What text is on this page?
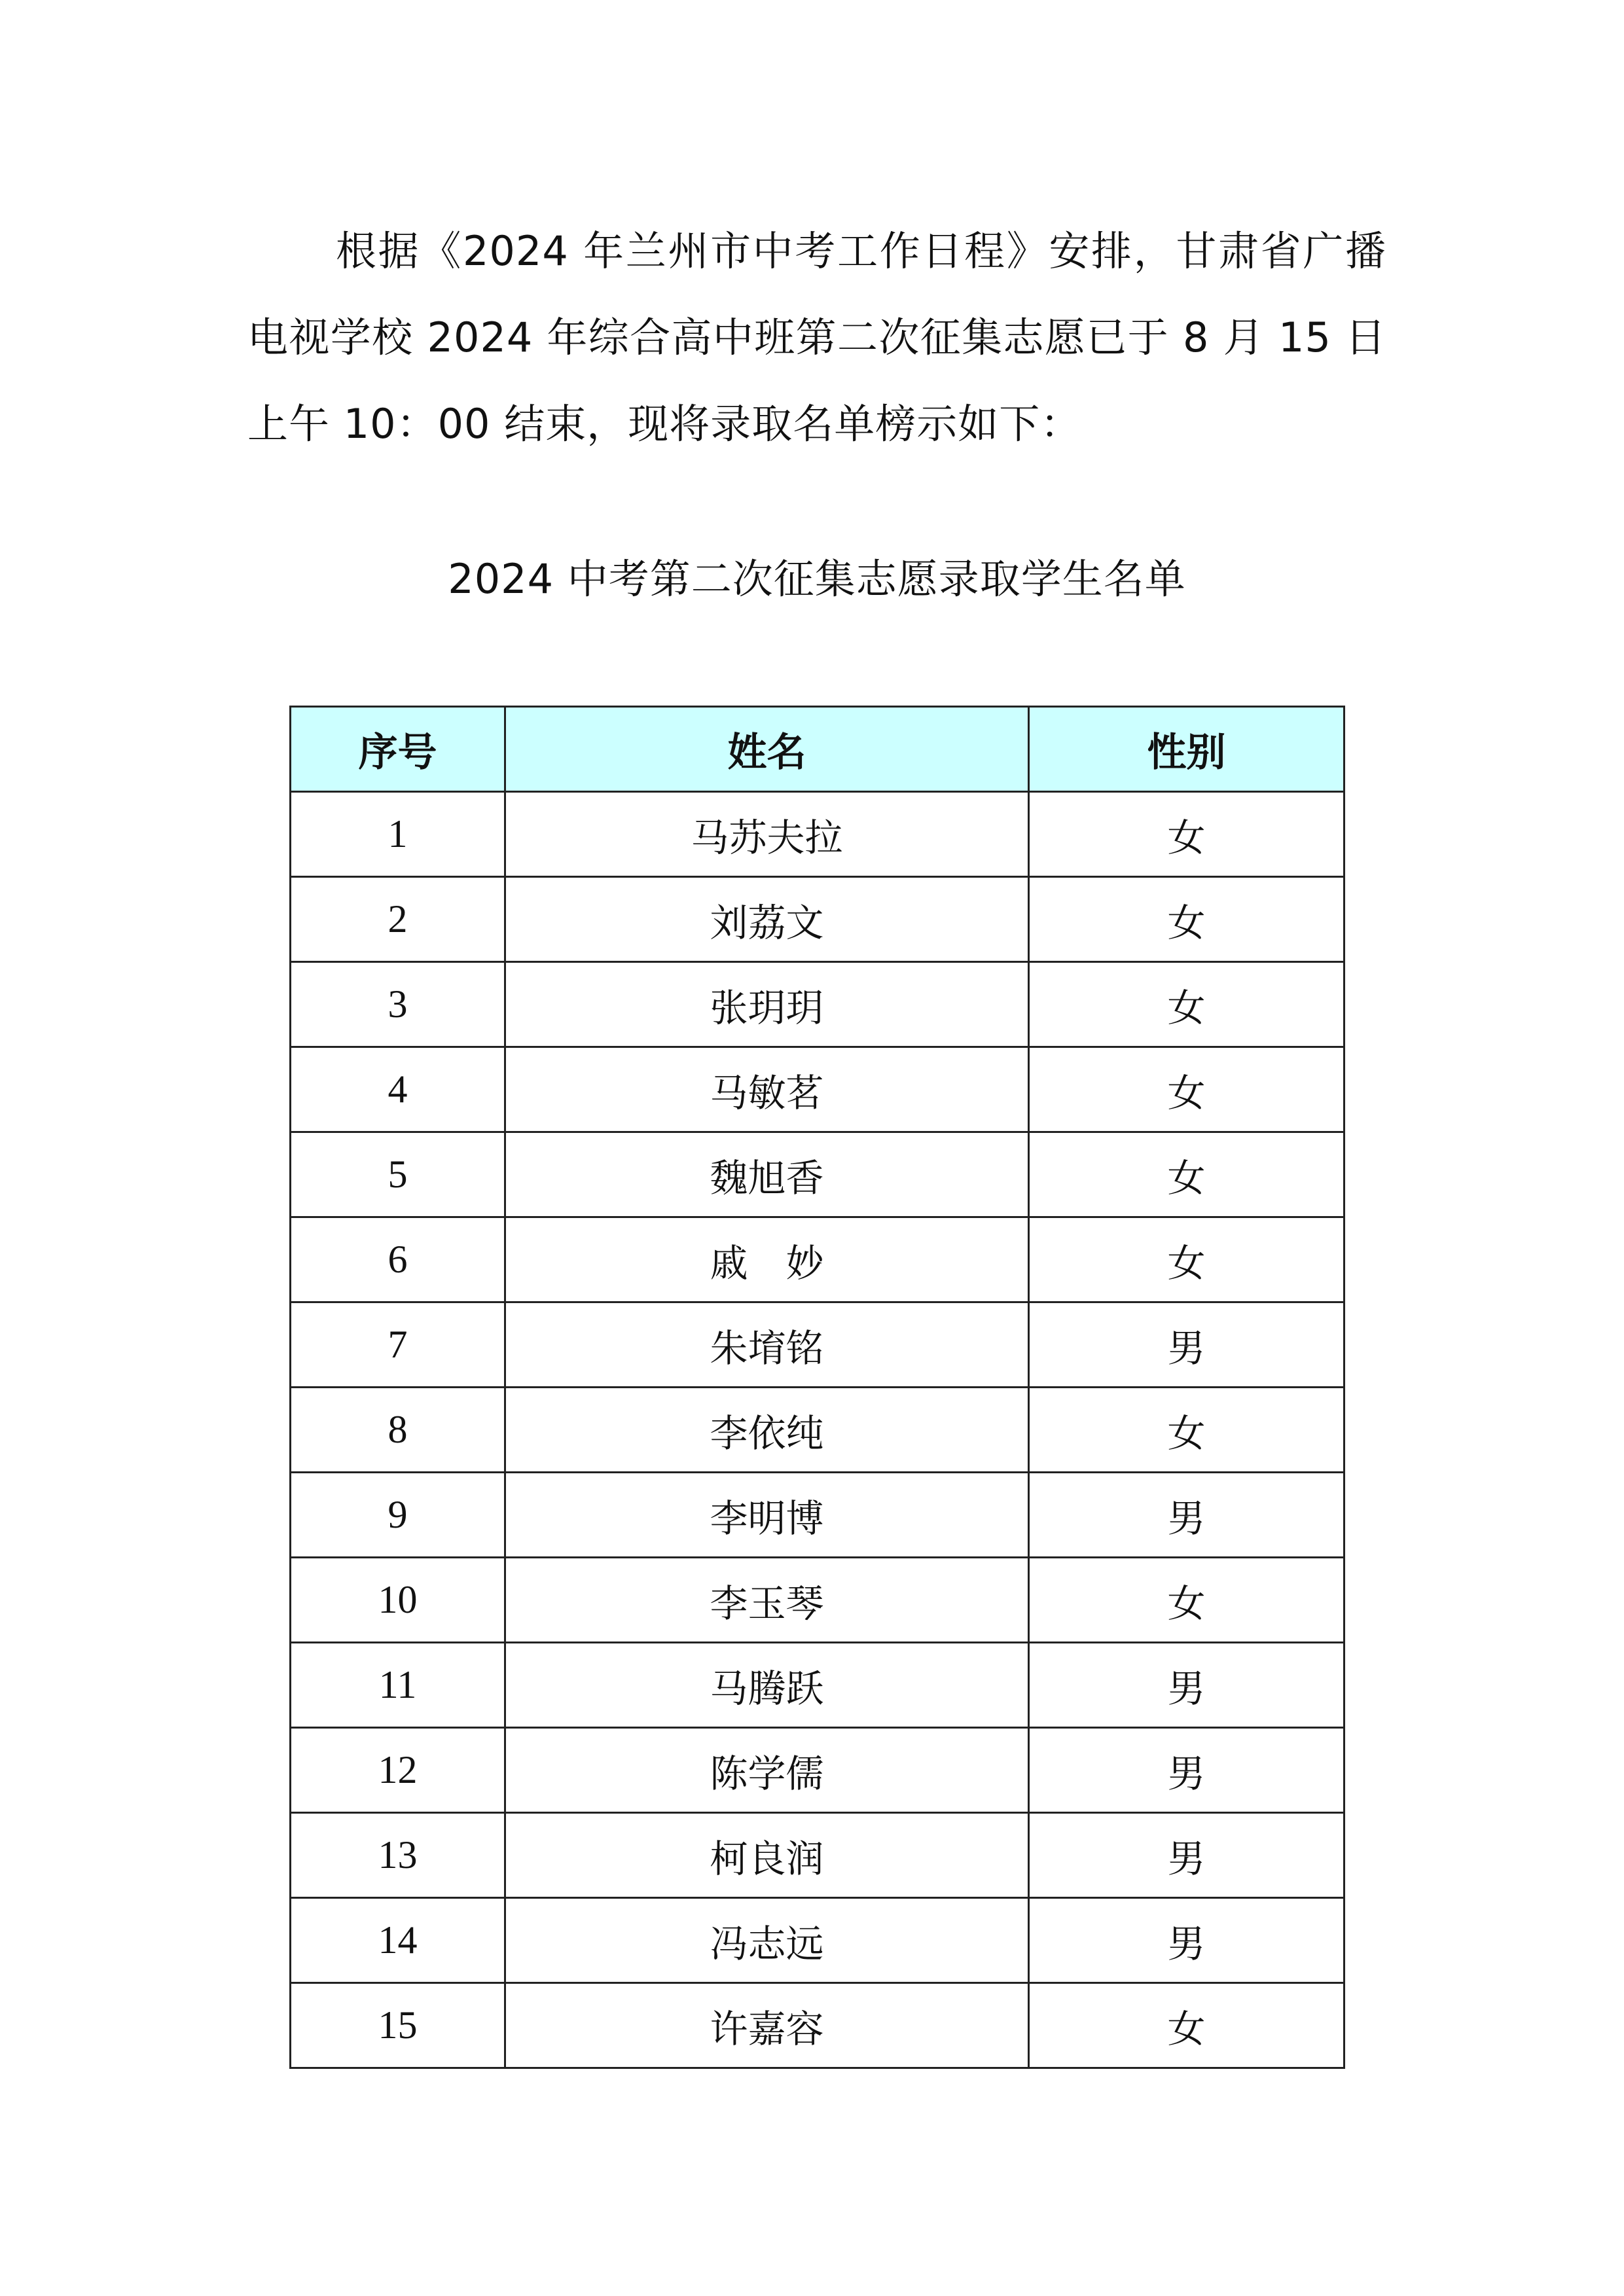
根据《2024 年兰州市中考工作日程》安排，甘肃省广播电视学校 2024 年综合高中班第二次征集志愿已于 8 月 15 日上午 10：00 结束，现将录取名单榜示如下：

2024 中考第二次征集志愿录取学生名单
序号	姓名	性别
1	马苏夫拉	女
2	刘荔文	女
3	张玥玥	女
4	马敏茗	女
5	魏旭香	女
6	戚　妙	女
7	朱堉铭	男
8	李依纯	女
9	李明博	男
10	李玉琴	女
11	马腾跃	男
12	陈学儒	男
13	柯良润	男
14	冯志远	男
15	许嘉容	女
